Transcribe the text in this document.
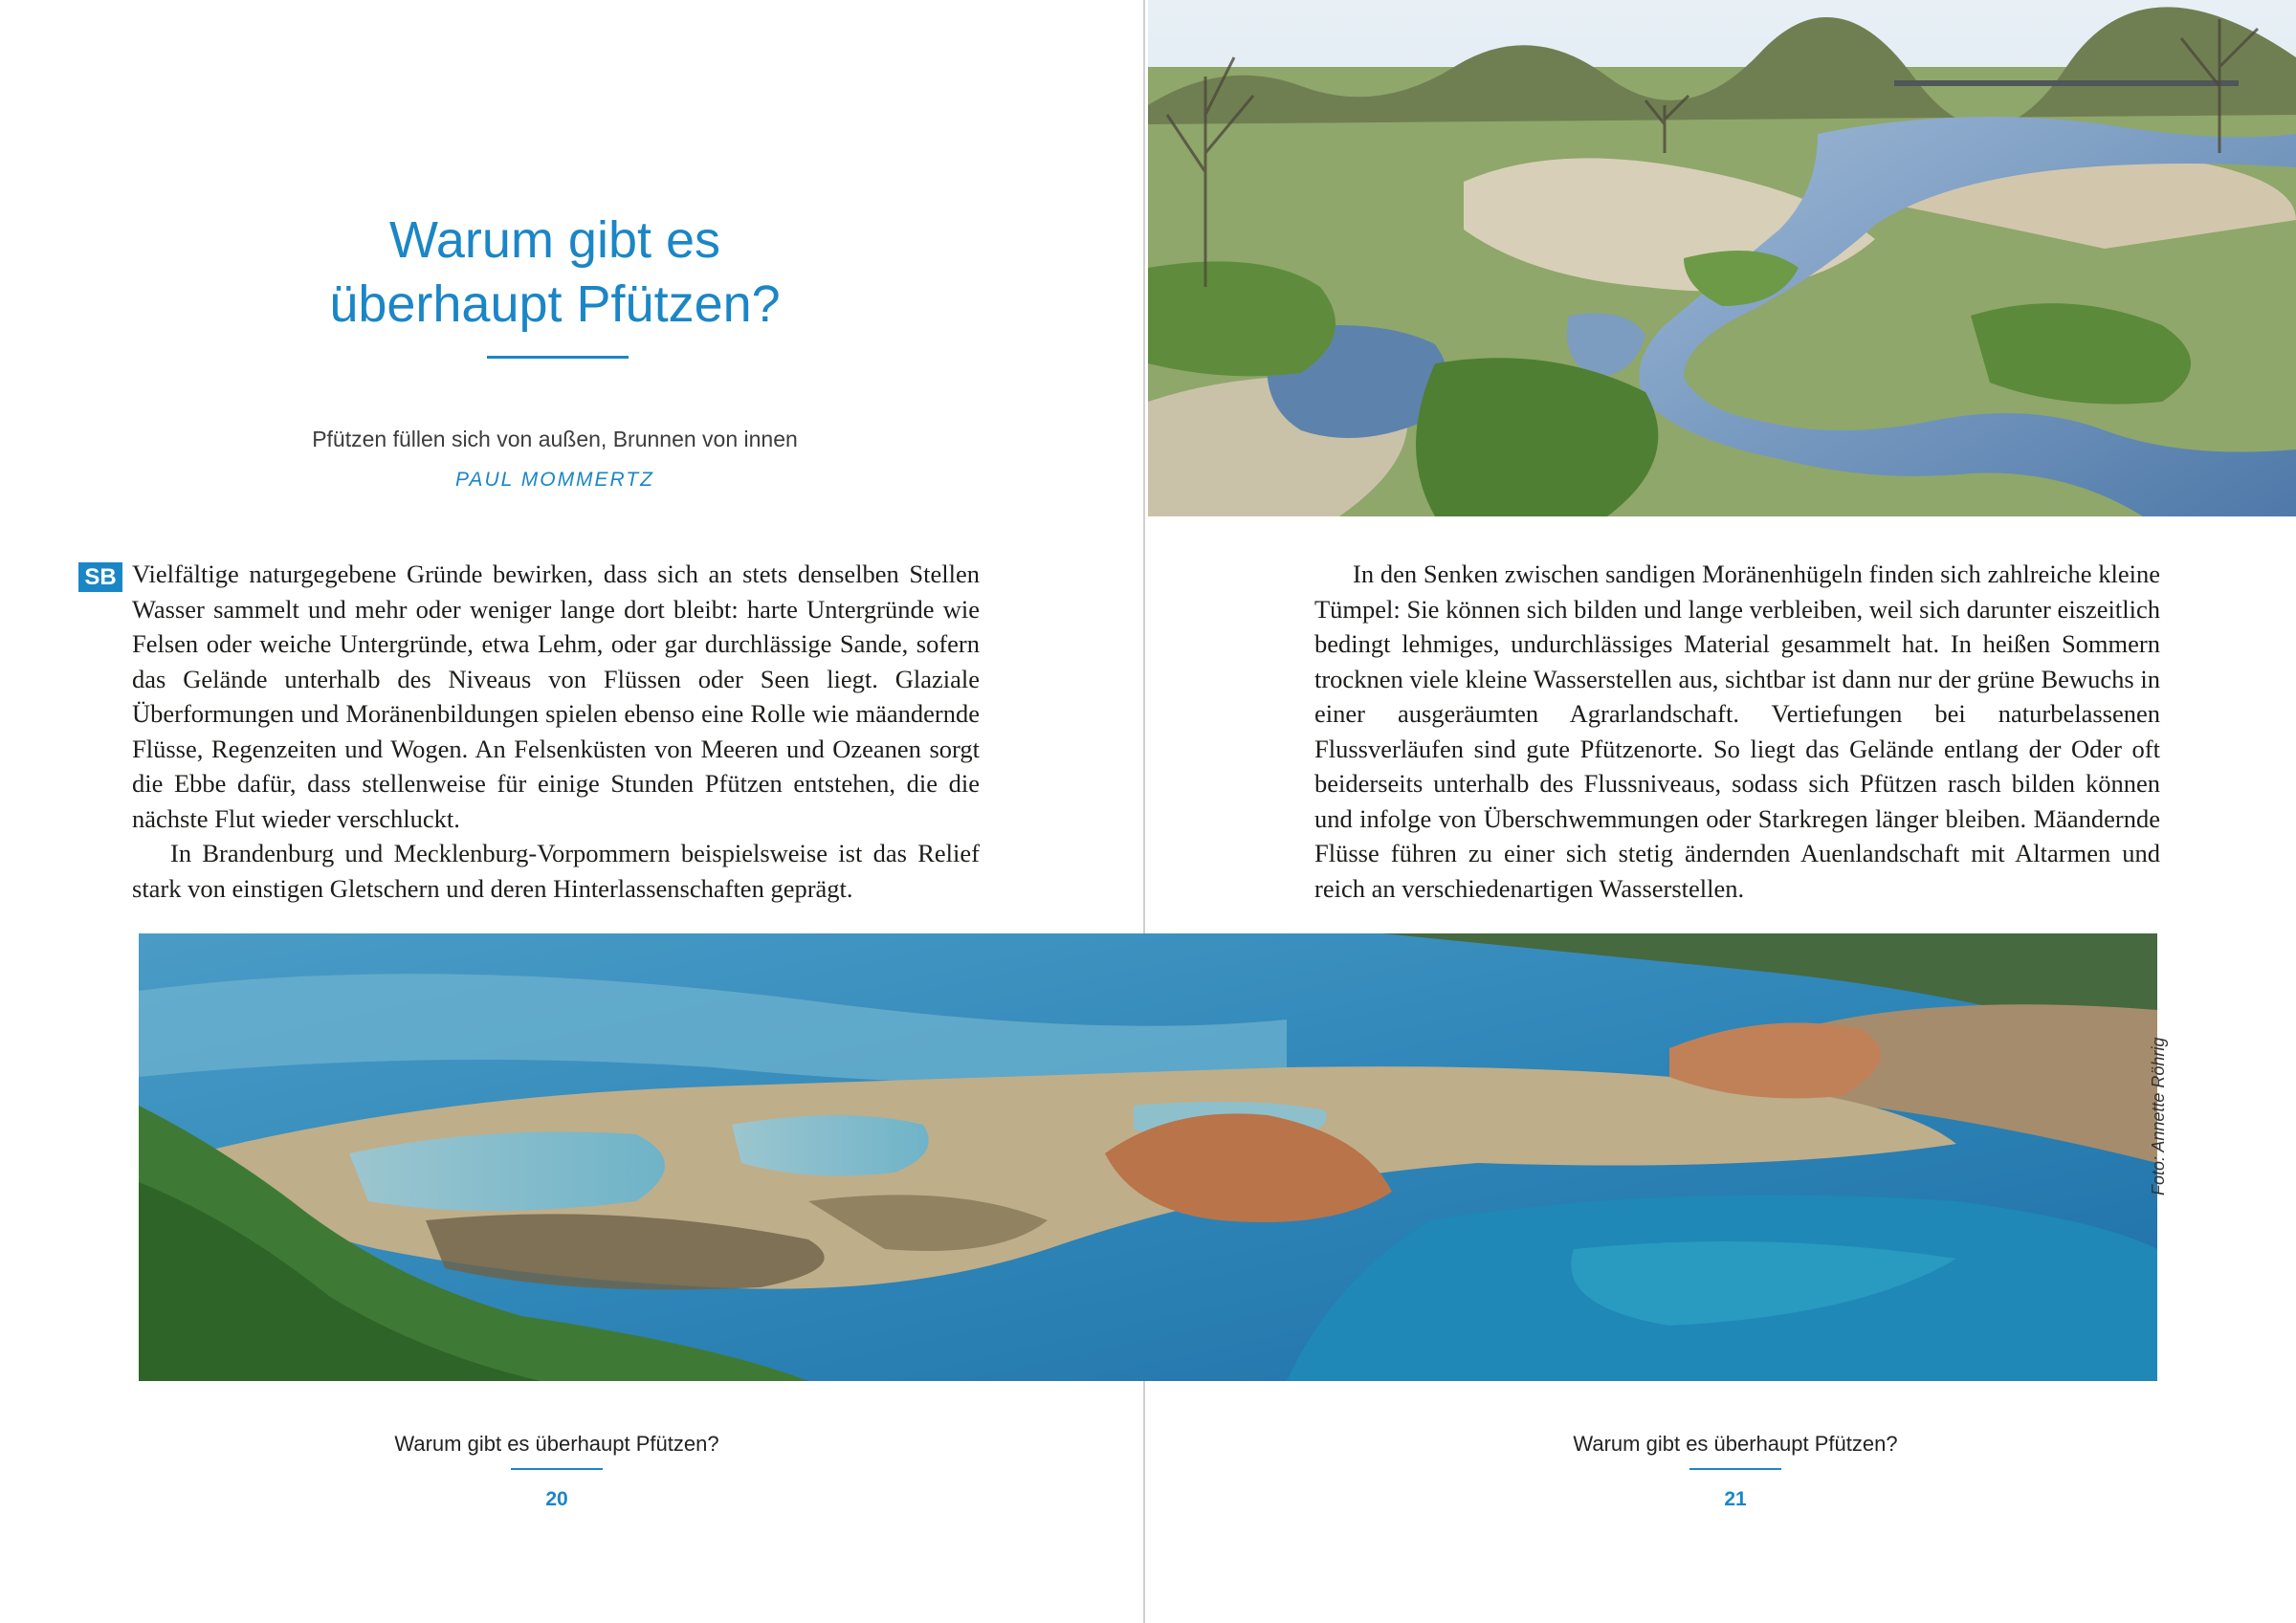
Warum gibt es
überhaupt Pfützen?
Pfützen füllen sich von außen, Brunnen von innen
PAUL MOMMERTZ
SB Vielfältige naturgegebene Gründe bewirken, dass sich an stets denselben Stellen Wasser sammelt und mehr oder weniger lange dort bleibt: harte Untergründe wie Felsen oder weiche Untergründe, etwa Lehm, oder gar durchlässige Sande, sofern das Gelände unterhalb des Niveaus von Flüssen oder Seen liegt. Glaziale Überformungen und Moränenbildungen spielen ebenso eine Rolle wie mäandernde Flüsse, Regenzeiten und Wogen. An Felsenküsten von Meeren und Ozeanen sorgt die Ebbe dafür, dass stellenweise für einige Stunden Pfützen entstehen, die die nächste Flut wieder verschluckt.

In Brandenburg und Mecklenburg-Vorpommern beispielsweise ist das Relief stark von einstigen Gletschern und deren Hinterlassenschaften geprägt.

In den Senken zwischen sandigen Moränenhügeln finden sich zahlreiche kleine Tümpel: Sie können sich bilden und lange verbleiben, weil sich darunter eiszeitlich bedingt lehmiges, undurchlässiges Material gesammelt hat. In heißen Sommern trocknen viele kleine Wasserstellen aus, sichtbar ist dann nur der grüne Bewuchs in einer ausgeräumten Agrarlandschaft. Vertiefungen bei naturbelassenen Flussverläufen sind gute Pfützenorte. So liegt das Gelände entlang der Oder oft beiderseits unterhalb des Flussniveaus, sodass sich Pfützen rasch bilden können und infolge von Überschwemmungen oder Starkregen länger bleiben. Mäandernde Flüsse führen zu einer sich stetig ändernden Auenlandschaft mit Altarmen und reich an verschiedenartigen Wasserstellen.

Foto: Annette Röhrig
Warum gibt es überhaupt Pfützen?
20
Warum gibt es überhaupt Pfützen?
21
